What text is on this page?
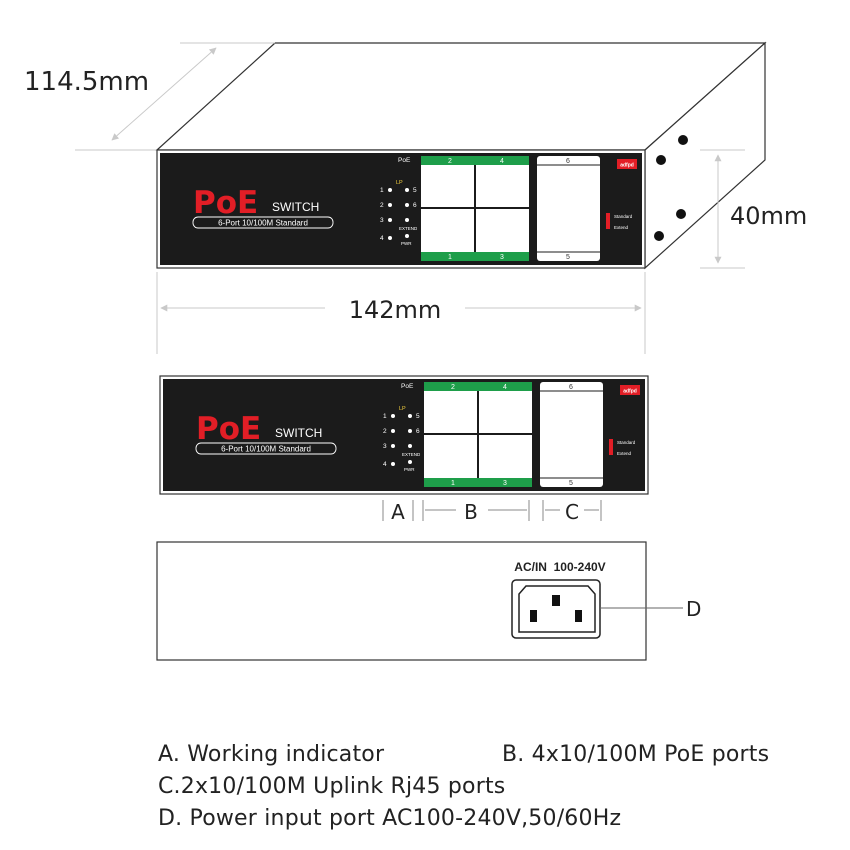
114.5mm
40mm
142mm
PoE SWITCH
6-Port 10/100M Standard
PoE
LP
1	5
2	6
3
EXTEND
4
PWR
2	4
1	3
6
5
adfpd
Standard
Extend
PoE SWITCH
6-Port 10/100M Standard
PoE
LP
1	5
2	6
3
EXTEND
4
PWR
2	4
1	3
6
5
adfpd
Standard
Extend
A	B	C
AC/IN  100-240V
D
A. Working indicator	B. 4x10/100M PoE ports
C.2x10/100M Uplink Rj45 ports
D. Power input port AC100-240V,50/60Hz
